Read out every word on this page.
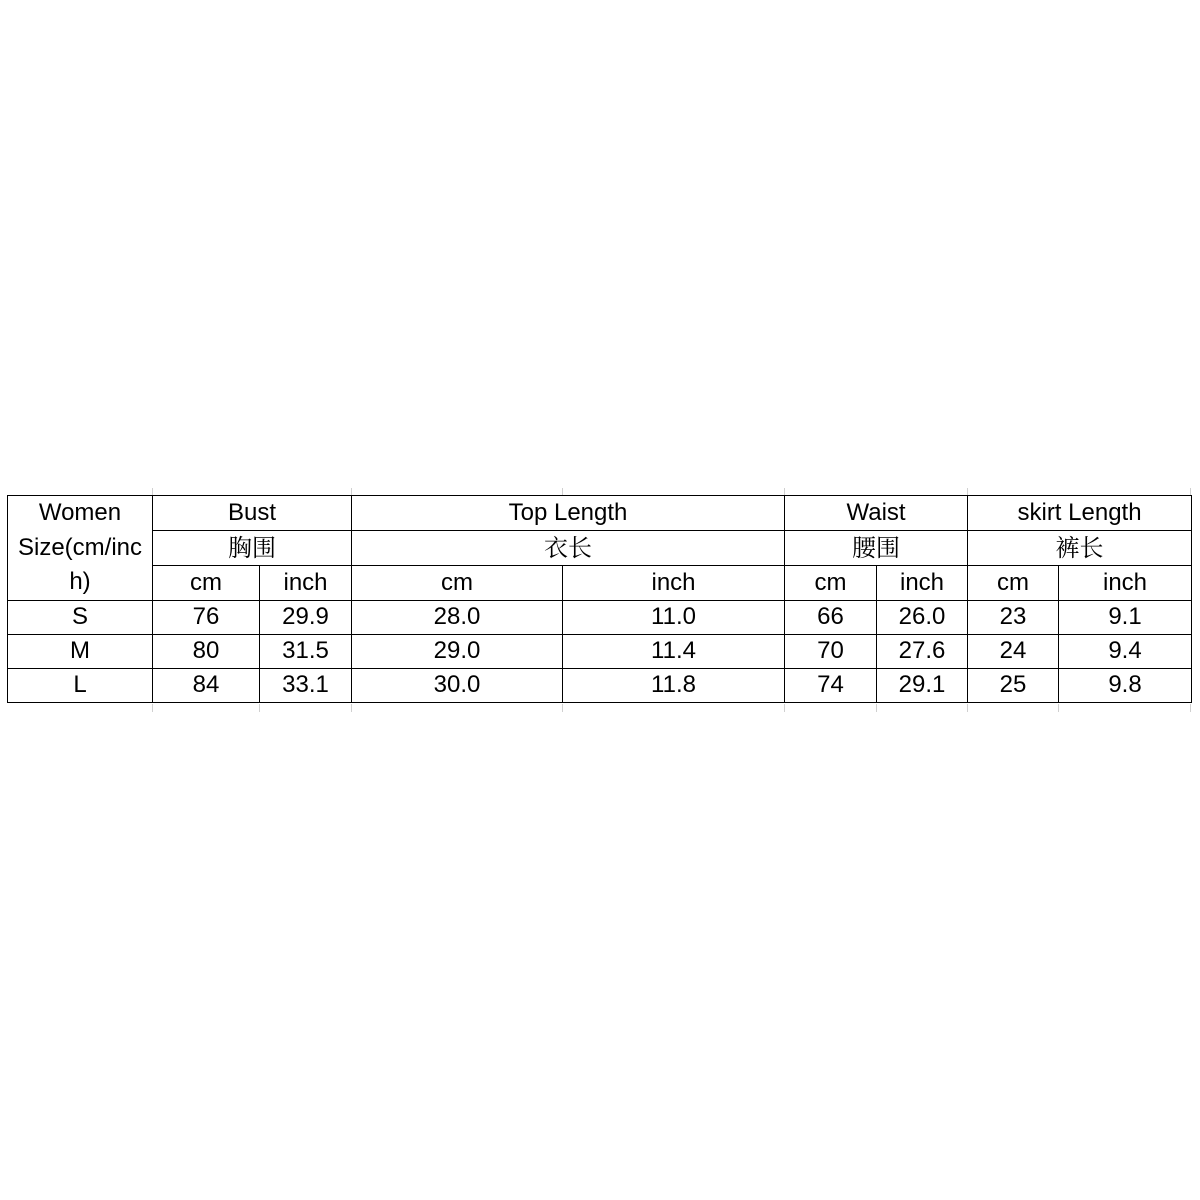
Women
Size(cm/inc
h)	Bust		Top Length		Waist		skirt Length	
	胸围		衣长		腰围		裤长	
	cm	inch	cm	inch	cm	inch	cm	inch
S	76	29.9	28.0	11.0	66	26.0	23	9.1
M	80	31.5	29.0	11.4	70	27.6	24	9.4
L	84	33.1	30.0	11.8	74	29.1	25	9.8
